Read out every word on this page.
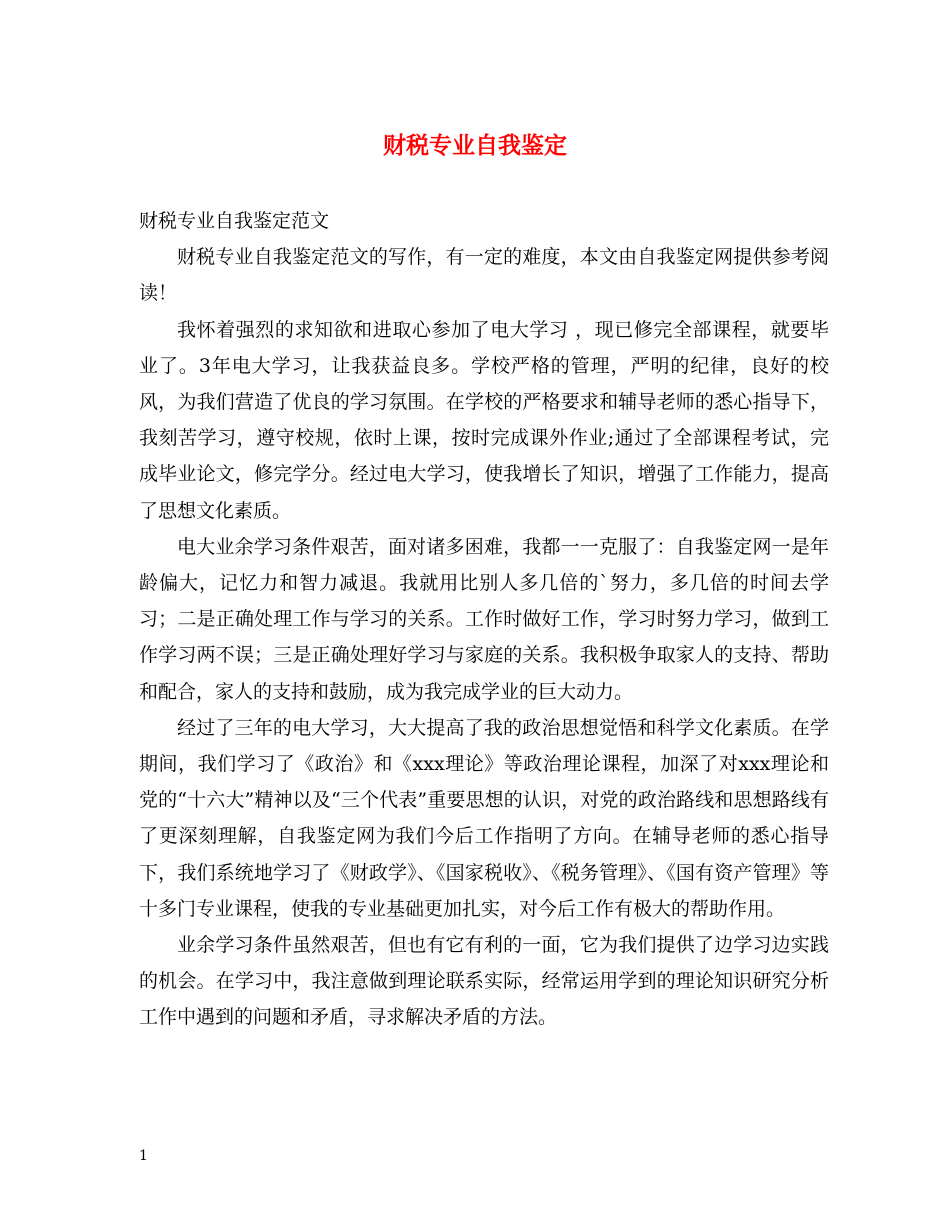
财税专业自我鉴定

财税专业自我鉴定范文

财税专业自我鉴定范文的写作，有一定的难度，本文由自我鉴定网提供参考阅读！

我怀着强烈的求知欲和进取心参加了电大学习 ，现已修完全部课程，就要毕业了。3年电大学习，让我获益良多。学校严格的管理，严明的纪律，良好的校风，为我们营造了优良的学习氛围。在学校的严格要求和辅导老师的悉心指导下，我刻苦学习，遵守校规，依时上课，按时完成课外作业;通过了全部课程考试，完成毕业论文，修完学分。经过电大学习，使我增长了知识，增强了工作能力，提高了思想文化素质。

电大业余学习条件艰苦，面对诸多困难，我都一一克服了：自我鉴定网一是年龄偏大，记忆力和智力减退。我就用比别人多几倍的`努力，多几倍的时间去学习；二是正确处理工作与学习的关系。工作时做好工作，学习时努力学习，做到工作学习两不误；三是正确处理好学习与家庭的关系。我积极争取家人的支持、帮助和配合，家人的支持和鼓励，成为我完成学业的巨大动力。

经过了三年的电大学习，大大提高了我的政治思想觉悟和科学文化素质。在学期间，我们学习了《政治》和《xxx理论》等政治理论课程，加深了对xxx理论和党的“十六大”精神以及“三个代表”重要思想的认识，对党的政治路线和思想路线有了更深刻理解，自我鉴定网为我们今后工作指明了方向。在辅导老师的悉心指导下，我们系统地学习了《财政学》、《国家税收》、《税务管理》、《国有资产管理》等十多门专业课程，使我的专业基础更加扎实，对今后工作有极大的帮助作用。

业余学习条件虽然艰苦，但也有它有利的一面，它为我们提供了边学习边实践的机会。在学习中，我注意做到理论联系实际，经常运用学到的理论知识研究分析工作中遇到的问题和矛盾，寻求解决矛盾的方法。

1
